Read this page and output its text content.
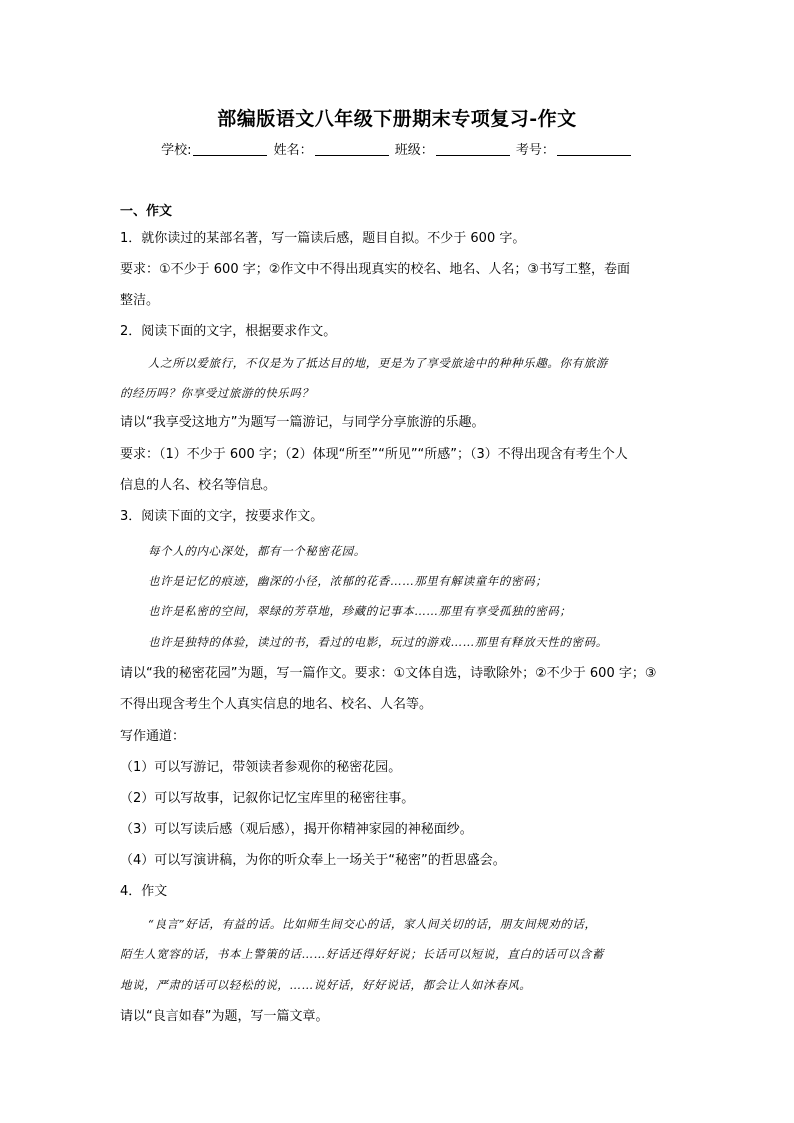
部编版语文八年级下册期末专项复习-作文
学校:	姓名：	班级：	考号：
一、作文
1．就你读过的某部名著，写一篇读后感，题目自拟。不少于 600 字。
要求：①不少于 600 字；②作文中不得出现真实的校名、地名、人名；③书写工整，卷面
整洁。
2．阅读下面的文字，根据要求作文。
人之所以爱旅行，不仅是为了抵达目的地，更是为了享受旅途中的种种乐趣。你有旅游
的经历吗？你享受过旅游的快乐吗？
请以“我享受这地方”为题写一篇游记，与同学分享旅游的乐趣。
要求：（1）不少于 600 字；（2）体现“所至”“所见”“所感”；（3）不得出现含有考生个人
信息的人名、校名等信息。
3．阅读下面的文字，按要求作文。
每个人的内心深处，都有一个秘密花园。
也许是记忆的痕迹，幽深的小径，浓郁的花香……那里有解读童年的密码；
也许是私密的空间，翠绿的芳草地，珍藏的记事本……那里有享受孤独的密码；
也许是独特的体验，读过的书，看过的电影，玩过的游戏……那里有释放天性的密码。
请以“我的秘密花园”为题，写一篇作文。要求：①文体自选，诗歌除外；②不少于 600 字；③
不得出现含考生个人真实信息的地名、校名、人名等。
写作通道：
（1）可以写游记，带领读者参观你的秘密花园。
（2）可以写故事，记叙你记忆宝库里的秘密往事。
（3）可以写读后感（观后感），揭开你精神家园的神秘面纱。
（4）可以写演讲稿，为你的听众奉上一场关于“秘密”的哲思盛会。
4．作文
“良言”好话，有益的话。比如师生间交心的话，家人间关切的话，朋友间规劝的话，
陌生人宽容的话，书本上警策的话……好话还得好好说；长话可以短说，直白的话可以含蓄
地说，严肃的话可以轻松的说，……说好话，好好说话，都会让人如沐春风。
请以“良言如春”为题，写一篇文章。
